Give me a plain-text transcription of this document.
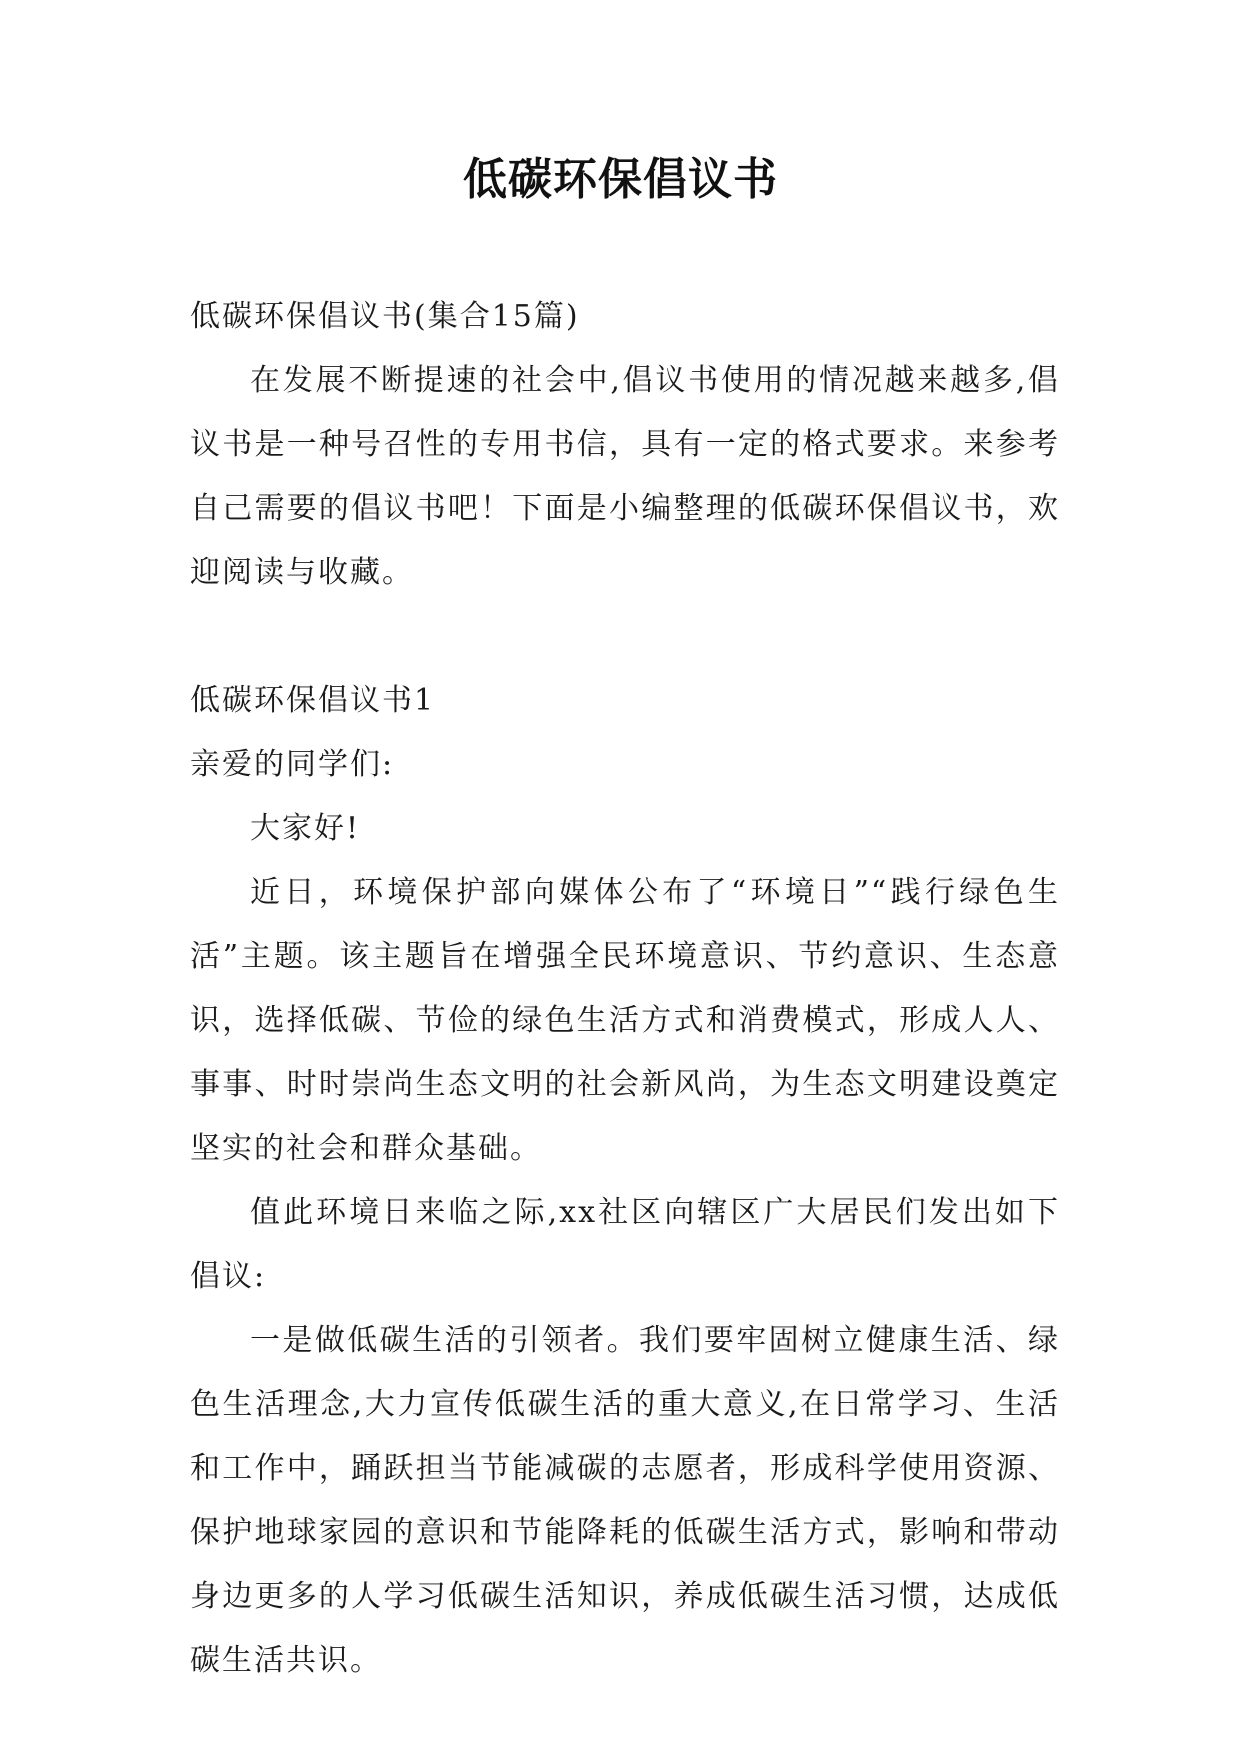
低碳环保倡议书

低碳环保倡议书(集合15篇)

在发展不断提速的社会中,倡议书使用的情况越来越多,倡议书是一种号召性的专用书信，具有一定的格式要求。来参考自己需要的倡议书吧！下面是小编整理的低碳环保倡议书，欢迎阅读与收藏。

低碳环保倡议书1

亲爱的同学们:

大家好!

近日，环境保护部向媒体公布了“环境日”“践行绿色生活”主题。该主题旨在增强全民环境意识、节约意识、生态意识，选择低碳、节俭的绿色生活方式和消费模式，形成人人、事事、时时崇尚生态文明的社会新风尚，为生态文明建设奠定坚实的社会和群众基础。

值此环境日来临之际,xx社区向辖区广大居民们发出如下倡议:

一是做低碳生活的引领者。我们要牢固树立健康生活、绿色生活理念,大力宣传低碳生活的重大意义,在日常学习、生活和工作中，踊跃担当节能减碳的志愿者，形成科学使用资源、保护地球家园的意识和节能降耗的低碳生活方式，影响和带动身边更多的人学习低碳生活知识，养成低碳生活习惯，达成低碳生活共识。
